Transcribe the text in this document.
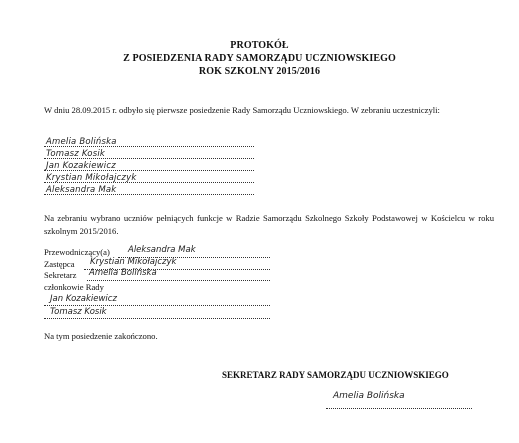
PROTOKÓŁ
Z POSIEDZENIA RADY SAMORZĄDU UCZNIOWSKIEGO
ROK SZKOLNY 2015/2016
W dniu 28.09.2015 r. odbyło się pierwsze posiedzenie Rady Samorządu Uczniowskiego. W zebraniu uczestniczyli:
Amelia Bolińska
Tomasz Kosik
Jan Kozakiewicz
Krystian Mikołajczyk
Aleksandra Mak
Na zebraniu wybrano uczniów pełniących funkcje w Radzie Samorządu Szkolnego Szkoły Podstawowej w Kościelcu w roku szkolnym 2015/2016.
Przewodniczący(a) Aleksandra Mak
Zastępca Krystian Mikołajczyk
Sekretarz Amelia Bolińska
członkowie Rady
Jan Kozakiewicz
Tomasz Kosik
Na tym posiedzenie zakończono.
SEKRETARZ RADY SAMORZĄDU UCZNIOWSKIEGO
Amelia Bolińska
